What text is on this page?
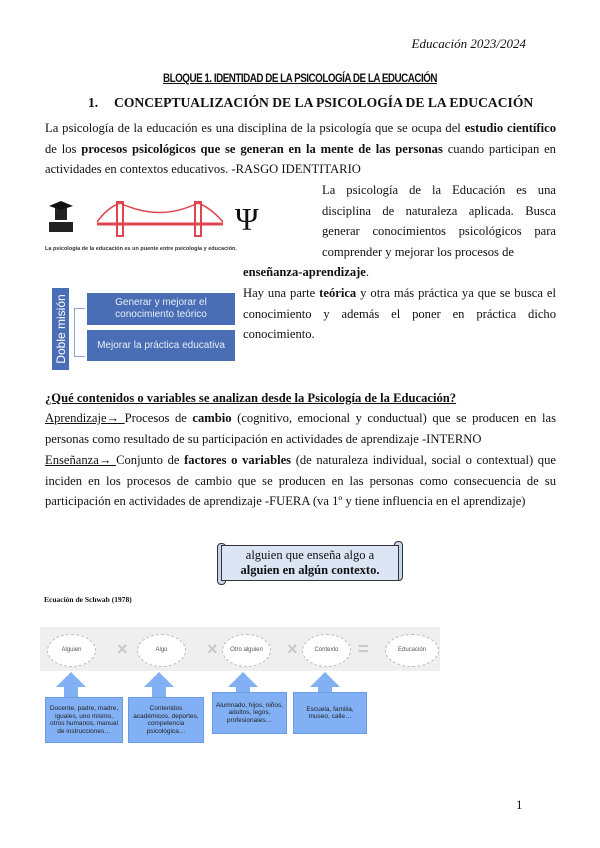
Educación 2023/2024
BLOQUE 1. IDENTIDAD DE LA PSICOLOGÍA DE LA EDUCACIÓN
1. CONCEPTUALIZACIÓN DE LA PSICOLOGÍA DE LA EDUCACIÓN
La psicología de la educación es una disciplina de la psicología que se ocupa del estudio científico de los procesos psicológicos que se generan en la mente de las personas cuando participan en actividades en contextos educativos. -RASGO IDENTITARIO
Ψ
La psicología de la educación es un puente entre psicología y educación.
La psicología de la Educación es una disciplina de naturaleza aplicada. Busca generar conocimientos psicológicos para comprender y mejorar los procesos de
enseñanza-aprendizaje.
Hay una parte teórica y otra más práctica ya que se busca el conocimiento y además el poner en práctica dicho conocimiento.
Doble misión	Generar y mejorar el conocimiento teórico
Mejorar la práctica educativa
¿Qué contenidos o variables se analizan desde la Psicología de la Educación?
Aprendizaje→ Procesos de cambio (cognitivo, emocional y conductual) que se producen en las personas como resultado de su participación en actividades de aprendizaje -INTERNO
Enseñanza→ Conjunto de factores o variables (de naturaleza individual, social o contextual) que inciden en los procesos de cambio que se producen en las personas como consecuencia de su participación en actividades de aprendizaje -FUERA (va 1º y tiene influencia en el aprendizaje)
alguien que enseña algo a
alguien en algún contexto.
Ecuación de Schwab (1978)
Alguien	×	Algo	×	Otro alguien	×	Contexto	=	Educación
Docente, padre, madre, iguales, uno mismo, otros humanos, manual de instrucciones…
Contenidos académicos, deportes, competencia psicológica…
Alumnado, hijos, niños, adultos, legos, profesionales…
Escuela, familia, museo, calle…
1
